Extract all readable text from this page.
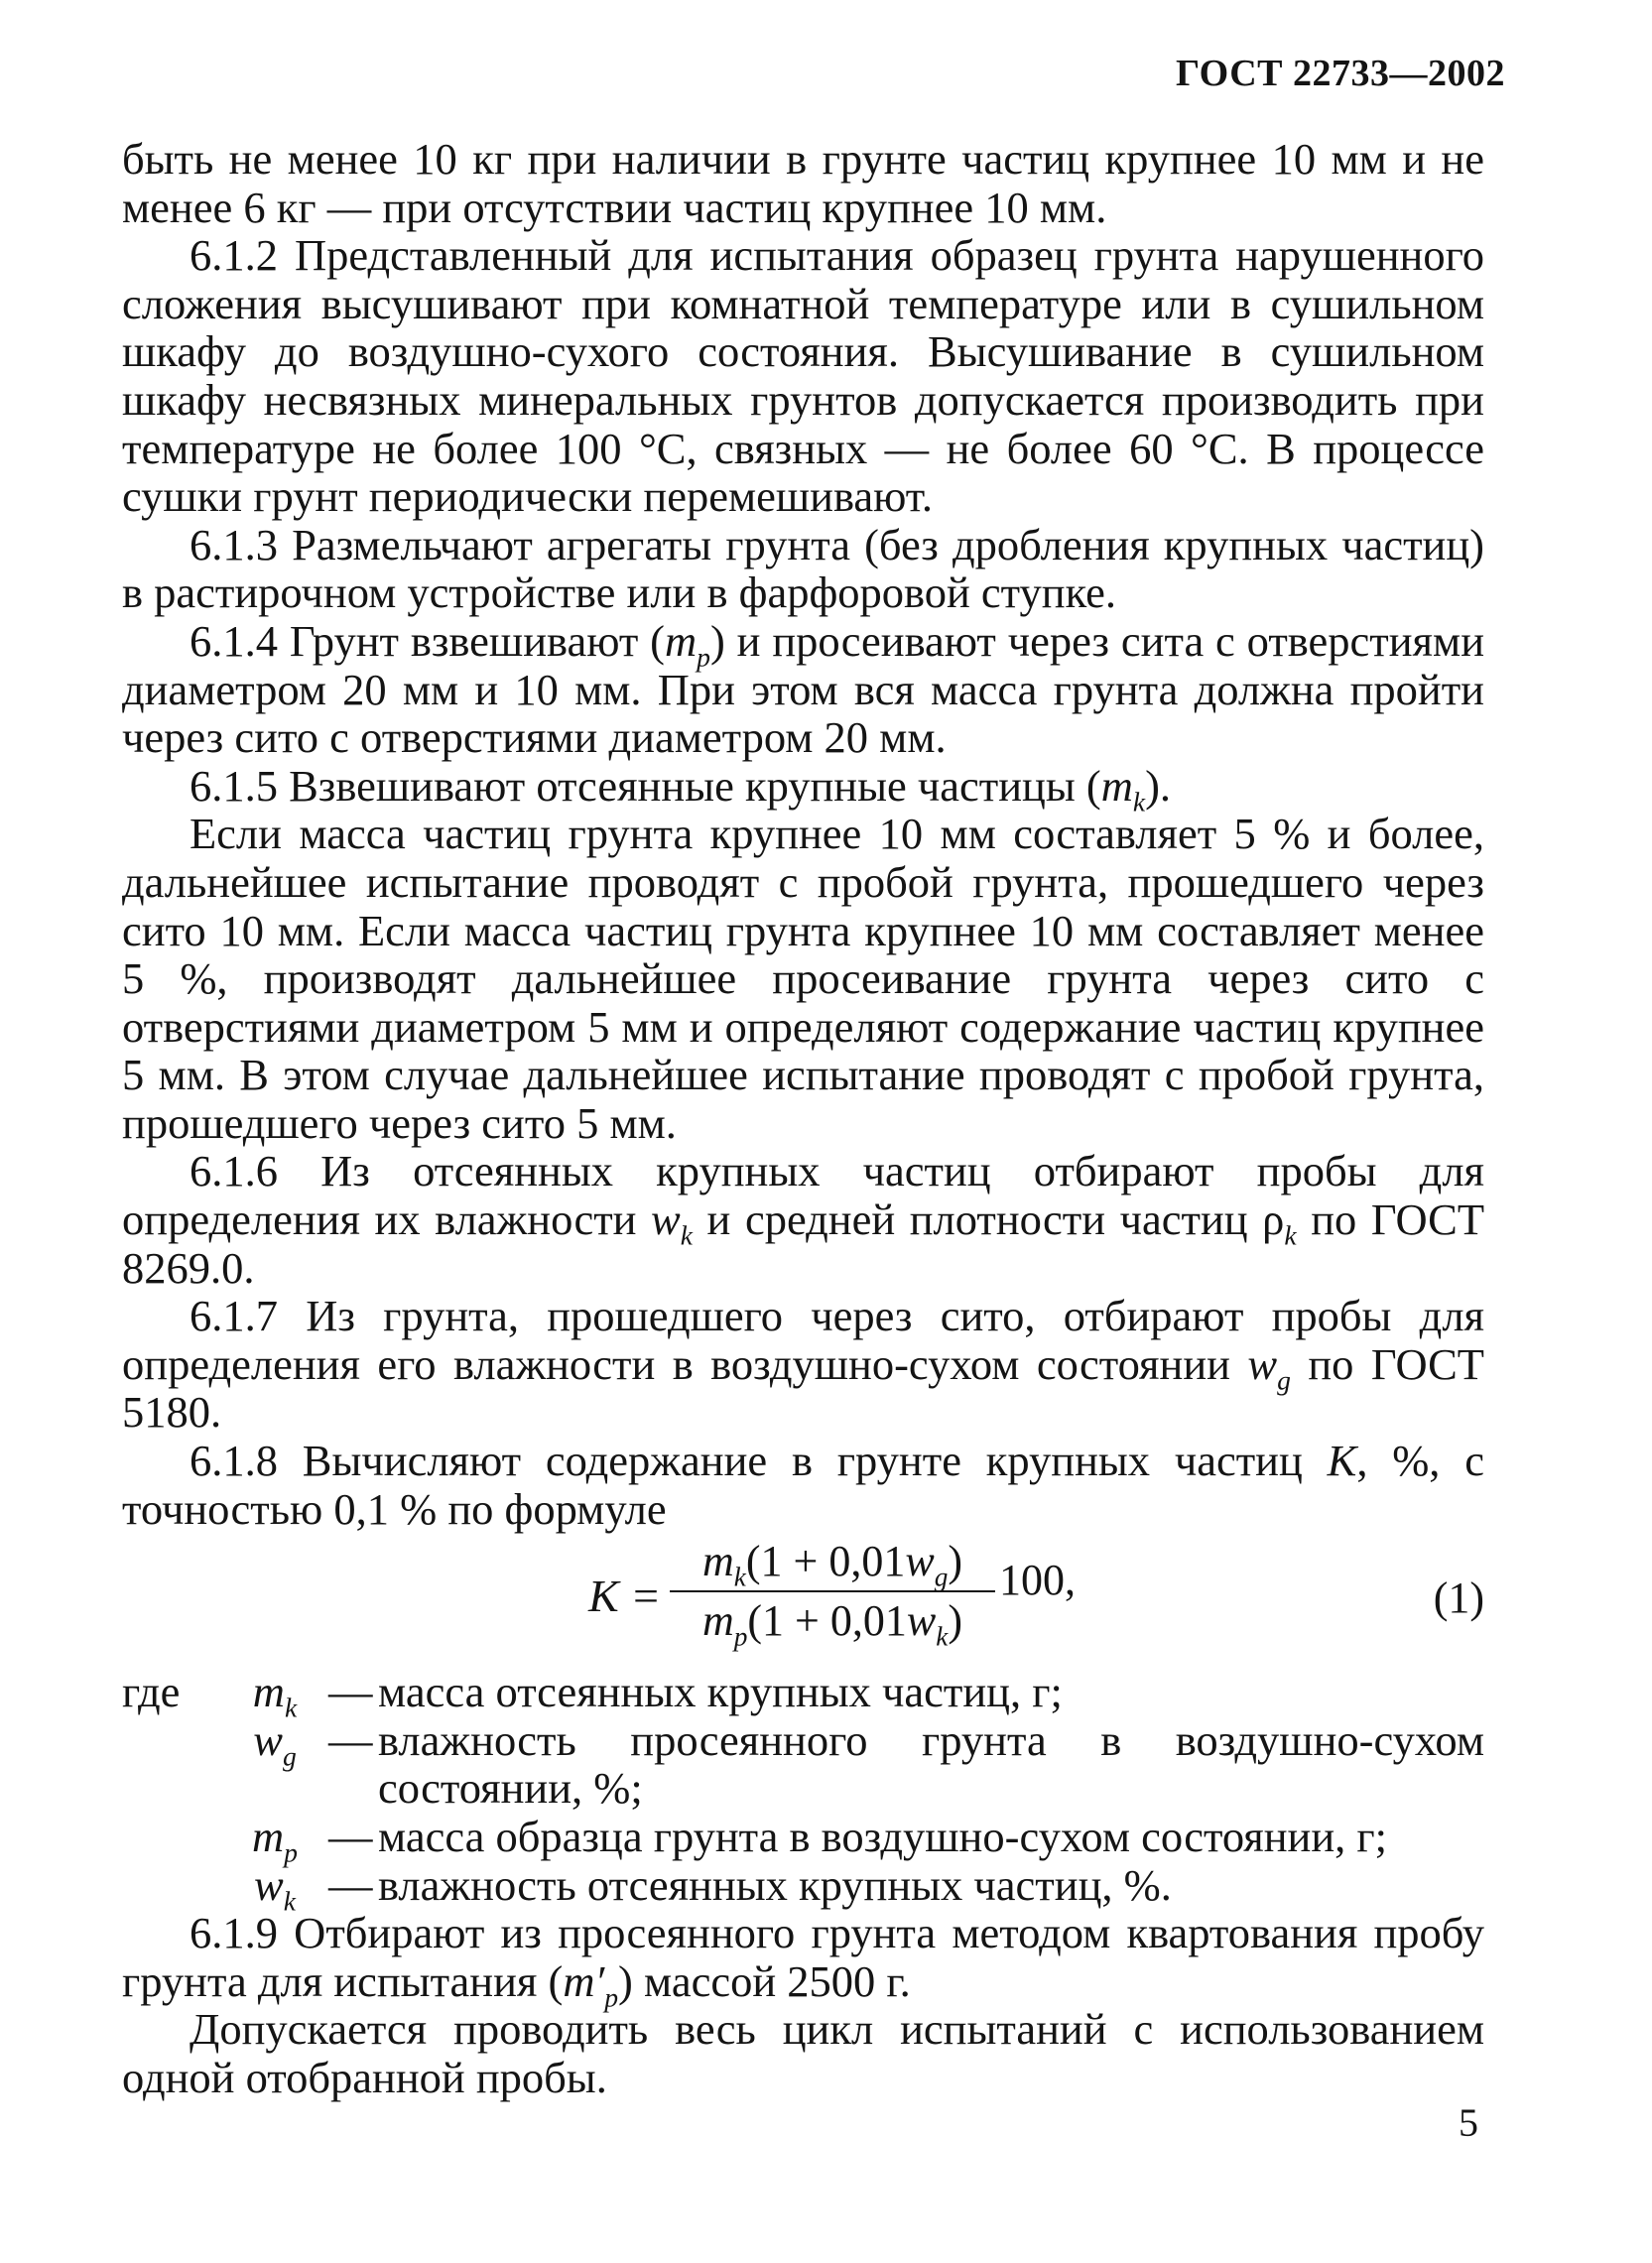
ГОСТ 22733—2002

быть не менее 10 кг при наличии в грунте частиц крупнее 10 мм и не менее 6 кг — при отсутствии частиц крупнее 10 мм.

6.1.2 Представленный для испытания образец грунта нарушенного сложения высушивают при комнатной температуре или в сушильном шкафу до воздушно-сухого состояния. Высушивание в сушильном шкафу несвязных минеральных грунтов допускается производить при температуре не более 100 °С, связных — не более 60 °С. В процессе сушки грунт периодически перемешивают.

6.1.3 Размельчают агрегаты грунта (без дробления крупных частиц) в растирочном устройстве или в фарфоровой ступке.

6.1.4 Грунт взвешивают $(m_p)$ и просеивают через сита с отверстиями диаметром 20 мм и 10 мм. При этом вся масса грунта должна пройти через сито с отверстиями диаметром 20 мм.

6.1.5 Взвешивают отсеянные крупные частицы $(m_k)$.

Если масса частиц грунта крупнее 10 мм составляет 5 % и более, дальнейшее испытание проводят с пробой грунта, прошедшего через сито 10 мм. Если масса частиц грунта крупнее 10 мм составляет менее 5 %, производят дальнейшее просеивание грунта через сито с отверстиями диаметром 5 мм и определяют содержание частиц крупнее 5 мм. В этом случае дальнейшее испытание проводят с пробой грунта, прошедшего через сито 5 мм.

6.1.6 Из отсеянных крупных частиц отбирают пробы для определения их влажности $w_k$ и средней плотности частиц $\rho_k$ по ГОСТ 8269.0.

6.1.7 Из грунта, прошедшего через сито, отбирают пробы для определения его влажности в воздушно-сухом состоянии $w_g$ по ГОСТ 5180.

6.1.8 Вычисляют содержание в грунте крупных частиц K, %, с точностью 0,1 % по формуле

K =
$m_k(1 + 0,01w_g)$
$m_p(1 + 0,01w_k)$
100,	(1)
где	$m_k$ — масса отсеянных крупных частиц, г;
$w_g$ — влажность просеянного грунта в воздушно-сухом состоянии, %;
$m_p$ — масса образца грунта в воздушно-сухом состоянии, г;
$w_k$ — влажность отсеянных крупных частиц, %.

6.1.9 Отбирают из просеянного грунта методом квартования пробу грунта для испытания $(m'_p)$ массой 2500 г.

Допускается проводить весь цикл испытаний с использованием одной отобранной пробы.

5
